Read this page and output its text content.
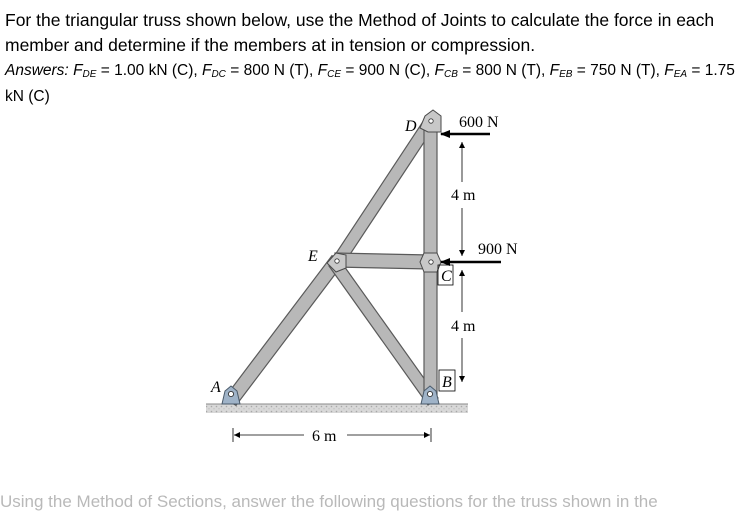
For the triangular truss shown below, use the Method of Joints to calculate the force in each member and determine if the members at in tension or compression.

Answers: $F_{DE} = 1.00$ kN (C), $F_{DC} = 800$ N (T), $F_{CE} = 900$ N (C), $F_{CB} = 800$ N (T), $F_{EB} = 750$ N (T), $F_{EA} = 1.75$ kN (C)

D
E
C
A	B
600 N
900 N
4 m
4 m
6 m
Using the Method of Sections, answer the following questions for the truss shown in the
